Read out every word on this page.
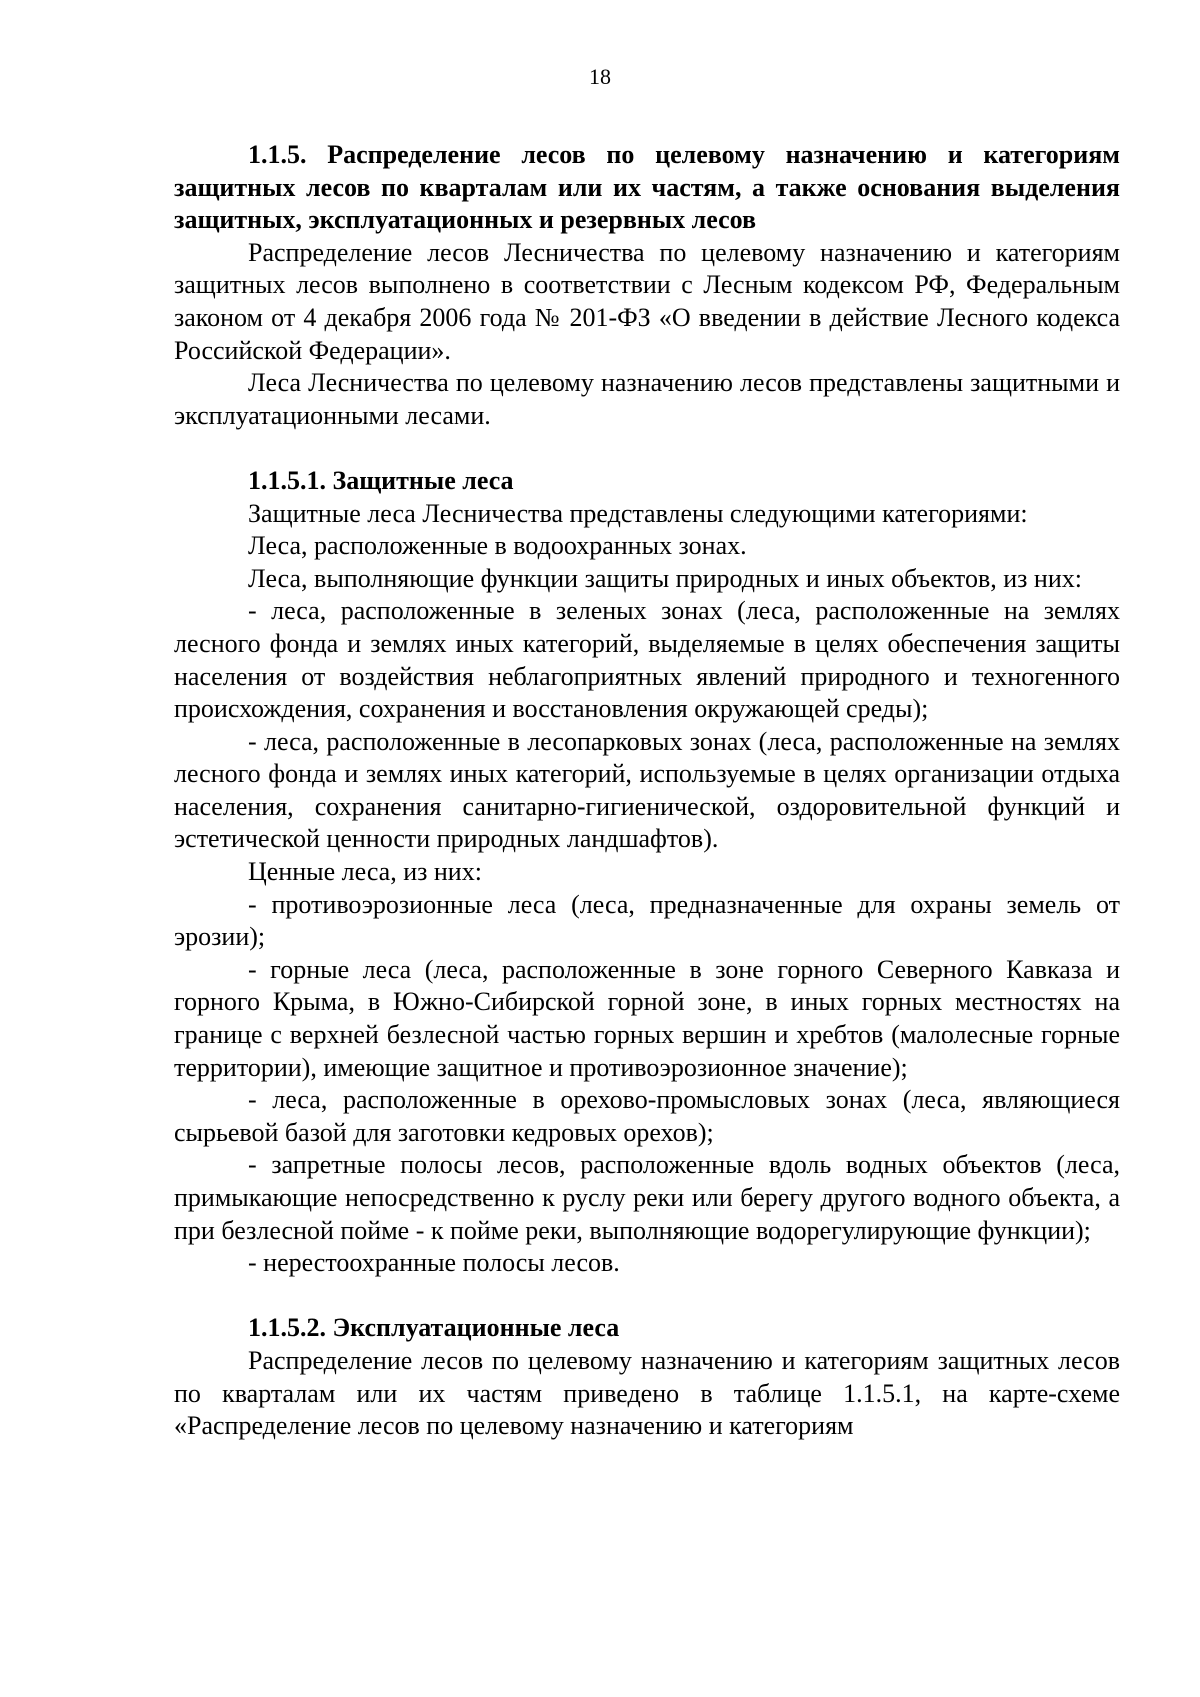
18
1.1.5. Распределение лесов по целевому назначению и категориям защитных лесов по кварталам или их частям, а также основания выделения защитных, эксплуатационных и резервных лесов

Распределение лесов Лесничества по целевому назначению и категориям защитных лесов выполнено в соответствии с Лесным кодексом РФ, Федеральным законом от 4 декабря 2006 года № 201-ФЗ «О введении в действие Лесного кодекса Российской Федерации».

Леса Лесничества по целевому назначению лесов представлены защитными и эксплуатационными лесами.

1.1.5.1. Защитные леса

Защитные леса Лесничества представлены следующими категориями:

Леса, расположенные в водоохранных зонах.

Леса, выполняющие функции защиты природных и иных объектов, из них:

- леса, расположенные в зеленых зонах (леса, расположенные на землях лесного фонда и землях иных категорий, выделяемые в целях обеспечения защиты населения от воздействия неблагоприятных явлений природного и техногенного происхождения, сохранения и восстановления окружающей среды);

- леса, расположенные в лесопарковых зонах (леса, расположенные на землях лесного фонда и землях иных категорий, используемые в целях организации отдыха населения, сохранения санитарно-гигиенической, оздоровительной функций и эстетической ценности природных ландшафтов).

Ценные леса, из них:

- противоэрозионные леса (леса, предназначенные для охраны земель от эрозии);

- горные леса (леса, расположенные в зоне горного Северного Кавказа и горного Крыма, в Южно-Сибирской горной зоне, в иных горных местностях на границе с верхней безлесной частью горных вершин и хребтов (малолесные горные территории), имеющие защитное и противоэрозионное значение);

- леса, расположенные в орехово-промысловых зонах (леса, являющиеся сырьевой базой для заготовки кедровых орехов);

- запретные полосы лесов, расположенные вдоль водных объектов (леса, примыкающие непосредственно к руслу реки или берегу другого водного объекта, а при безлесной пойме - к пойме реки, выполняющие водорегулирующие функции);

- нерестоохранные полосы лесов.

1.1.5.2. Эксплуатационные леса

Распределение лесов по целевому назначению и категориям защитных лесов по кварталам или их частям приведено в таблице 1.1.5.1, на карте-схеме «Распределение лесов по целевому назначению и категориям
